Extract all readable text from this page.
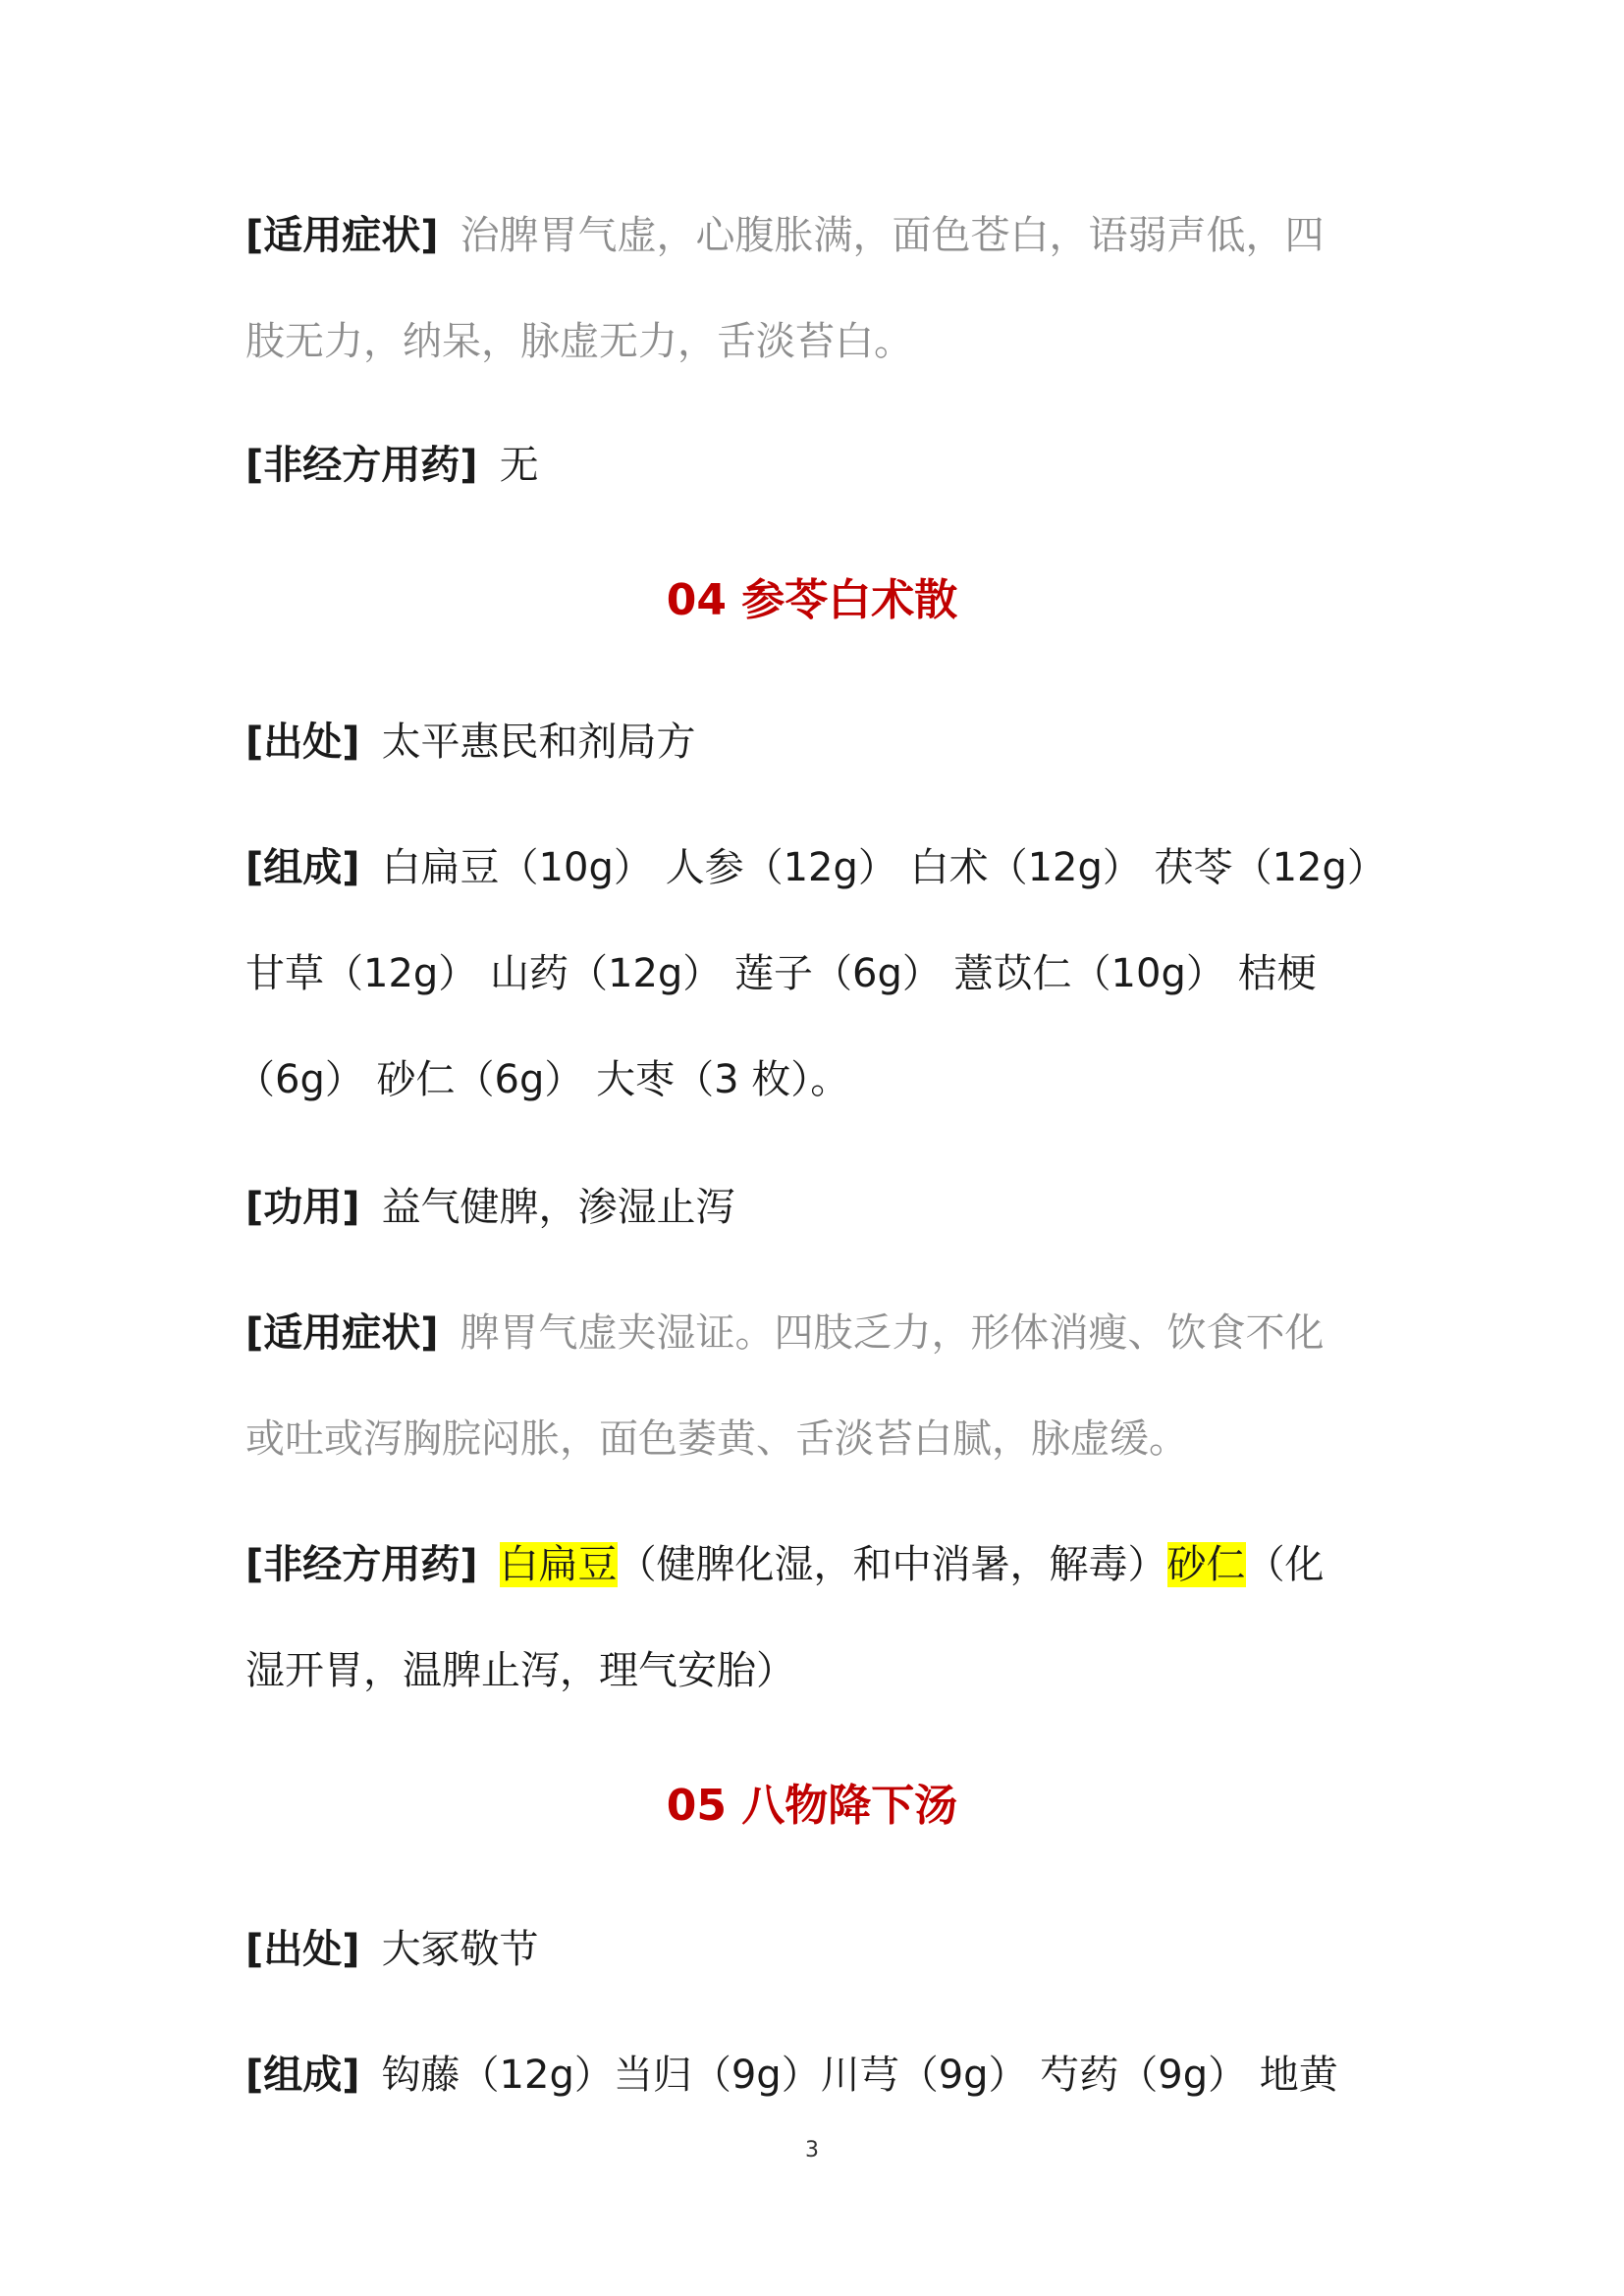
[适用症状] 治脾胃气虚，心腹胀满，面色苍白，语弱声低，四
肢无力，纳呆，脉虚无力，舌淡苔白。
[非经方用药] 无
04 参苓白术散
[出处] 太平惠民和剂局方
[组成] 白扁豆（10g） 人参（12g） 白术（12g） 茯苓（12g）
甘草（12g） 山药（12g） 莲子（6g） 薏苡仁（10g） 桔梗
（6g） 砂仁（6g） 大枣（3 枚）。
[功用] 益气健脾，渗湿止泻
[适用症状] 脾胃气虚夹湿证。四肢乏力，形体消瘦、饮食不化
或吐或泻胸脘闷胀，面色萎黄、舌淡苔白腻，脉虚缓。
[非经方用药] 白扁豆（健脾化湿，和中消暑，解毒）砂仁（化
湿开胃，温脾止泻，理气安胎）
05 八物降下汤
[出处] 大冢敬节
[组成] 钩藤（12g）当归（9g）川芎（9g） 芍药（9g） 地黄
3
